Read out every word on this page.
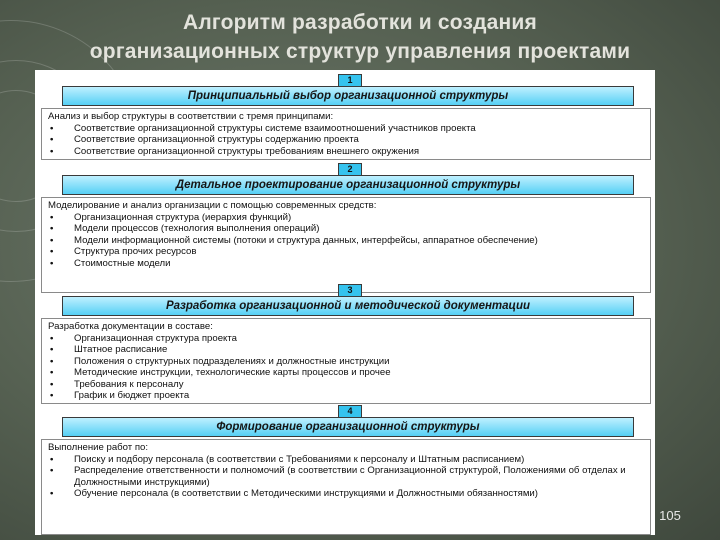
Алгоритм разработки и создания
организационных структур управления проектами
1
Принципиальный выбор организационной структуры
Анализ и выбор структуры в соответствии с тремя принципами:
• Соответствие организационной структуры системе взаимоотношений участников проекта
• Соответствие организационной структуры содержанию проекта
• Соответствие организационной структуры требованиям внешнего окружения
2
Детальное проектирование организационной структуры
Моделирование и анализ организации с помощью современных средств:
• Организационная структура (иерархия функций)
• Модели процессов (технология выполнения операций)
• Модели информационной системы (потоки и структура данных, интерфейсы, аппаратное обеспечение)
• Структура прочих ресурсов
• Стоимостные модели
3
Разработка организационной и методической документации
Разработка документации в составе:
• Организационная структура проекта
• Штатное расписание
• Положения о структурных подразделениях и должностные инструкции
• Методические инструкции, технологические карты процессов и прочее
• Требования к персоналу
• График и бюджет проекта
4
Формирование организационной структуры
Выполнение работ по:
• Поиску и подбору персонала (в соответствии с Требованиями к персоналу и Штатным расписанием)
• Распределение ответственности и полномочий (в соответствии с Организационной структурой, Положениями об отделах и Должностными инструкциями)
• Обучение персонала (в соответствии с Методическими инструкциями и Должностными обязанностями)
105
